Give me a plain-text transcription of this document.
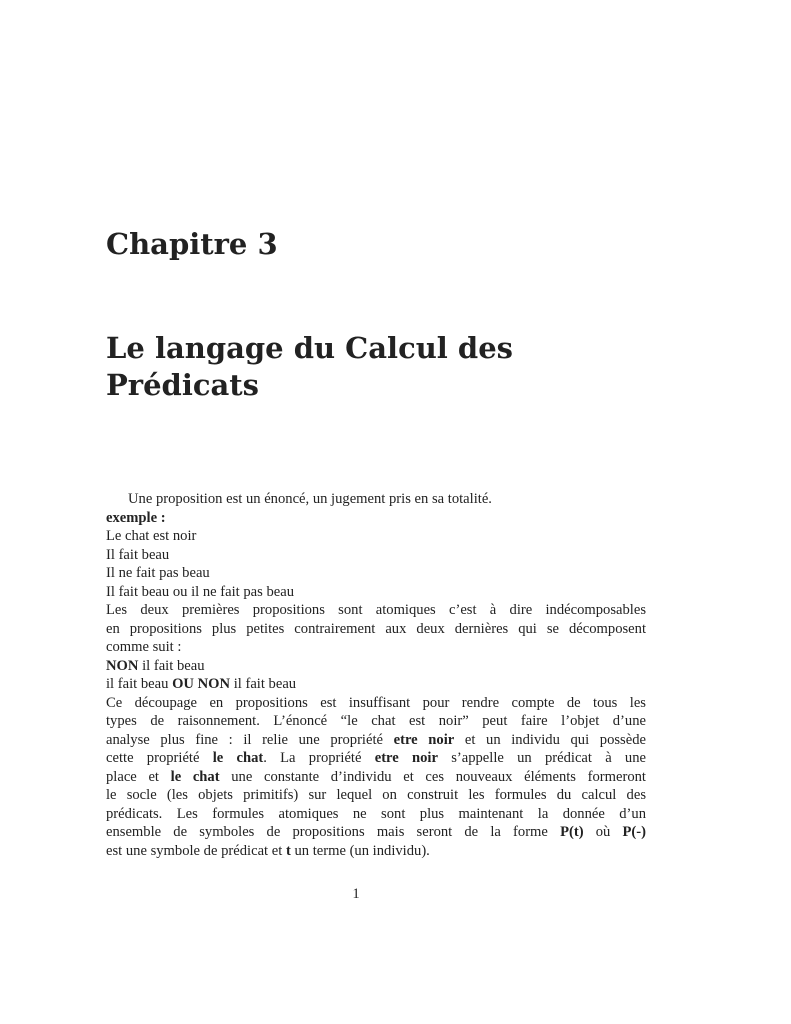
Chapitre 3
Le langage du Calcul des
Prédicats
Une proposition est un énoncé, un jugement pris en sa totalité.
exemple :
Le chat est noir
Il fait beau
Il ne fait pas beau
Il fait beau ou il ne fait pas beau
Les deux premières propositions sont atomiques c’est à dire indécomposables
en propositions plus petites contrairement aux deux dernières qui se décomposent
comme suit :
NON il fait beau
il fait beau OU NON il fait beau
Ce découpage en propositions est insuffisant pour rendre compte de tous les
types de raisonnement. L’énoncé “le chat est noir” peut faire l’objet d’une
analyse plus fine : il relie une propriété etre noir et un individu qui possède
cette propriété le chat. La propriété etre noir s’appelle un prédicat à une
place et le chat une constante d’individu et ces nouveaux éléments formeront
le socle (les objets primitifs) sur lequel on construit les formules du calcul des
prédicats. Les formules atomiques ne sont plus maintenant la donnée d’un
ensemble de symboles de propositions mais seront de la forme P(t) où P(-)
est une symbole de prédicat et t un terme (un individu).
1
